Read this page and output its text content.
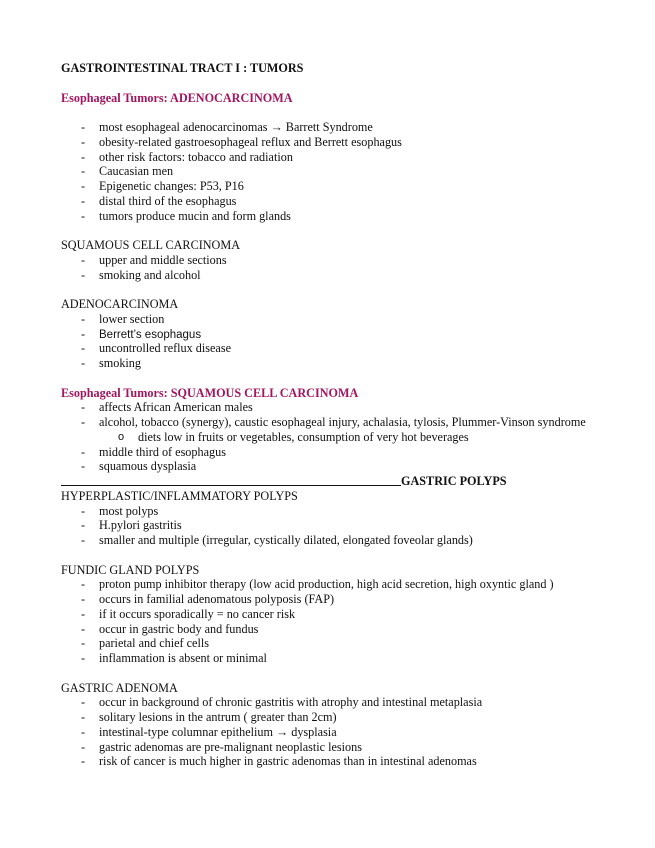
GASTROINTESTINAL TRACT I : TUMORS
Esophageal Tumors: ADENOCARCINOMA
- most esophageal adenocarcinomas → Barrett Syndrome
- obesity-related gastroesophageal reflux and Berrett esophagus
- other risk factors: tobacco and radiation
- Caucasian men
- Epigenetic changes: P53, P16
- distal third of the esophagus
- tumors produce mucin and form glands
SQUAMOUS CELL CARCINOMA
- upper and middle sections
- smoking and alcohol
ADENOCARCINOMA
- lower section
- Berrett’s esophagus
- uncontrolled reflux disease
- smoking
Esophageal Tumors: SQUAMOUS CELL CARCINOMA
- affects African American males
- alcohol, tobacco (synergy), caustic esophageal injury, achalasia, tylosis, Plummer-Vinson syndrome
o diets low in fruits or vegetables, consumption of very hot beverages
- middle third of esophagus
- squamous dysplasia
GASTRIC POLYPS
HYPERPLASTIC/INFLAMMATORY POLYPS
- most polyps
- H.pylori gastritis
- smaller and multiple (irregular, cystically dilated, elongated foveolar glands)
FUNDIC GLAND POLYPS
- proton pump inhibitor therapy (low acid production, high acid secretion, high oxyntic gland )
- occurs in familial adenomatous polyposis (FAP)
- if it occurs sporadically = no cancer risk
- occur in gastric body and fundus
- parietal and chief cells
- inflammation is absent or minimal
GASTRIC ADENOMA
- occur in background of chronic gastritis with atrophy and intestinal metaplasia
- solitary lesions in the antrum ( greater than 2cm)
- intestinal-type columnar epithelium → dysplasia
- gastric adenomas are pre-malignant neoplastic lesions
- risk of cancer is much higher in gastric adenomas than in intestinal adenomas
